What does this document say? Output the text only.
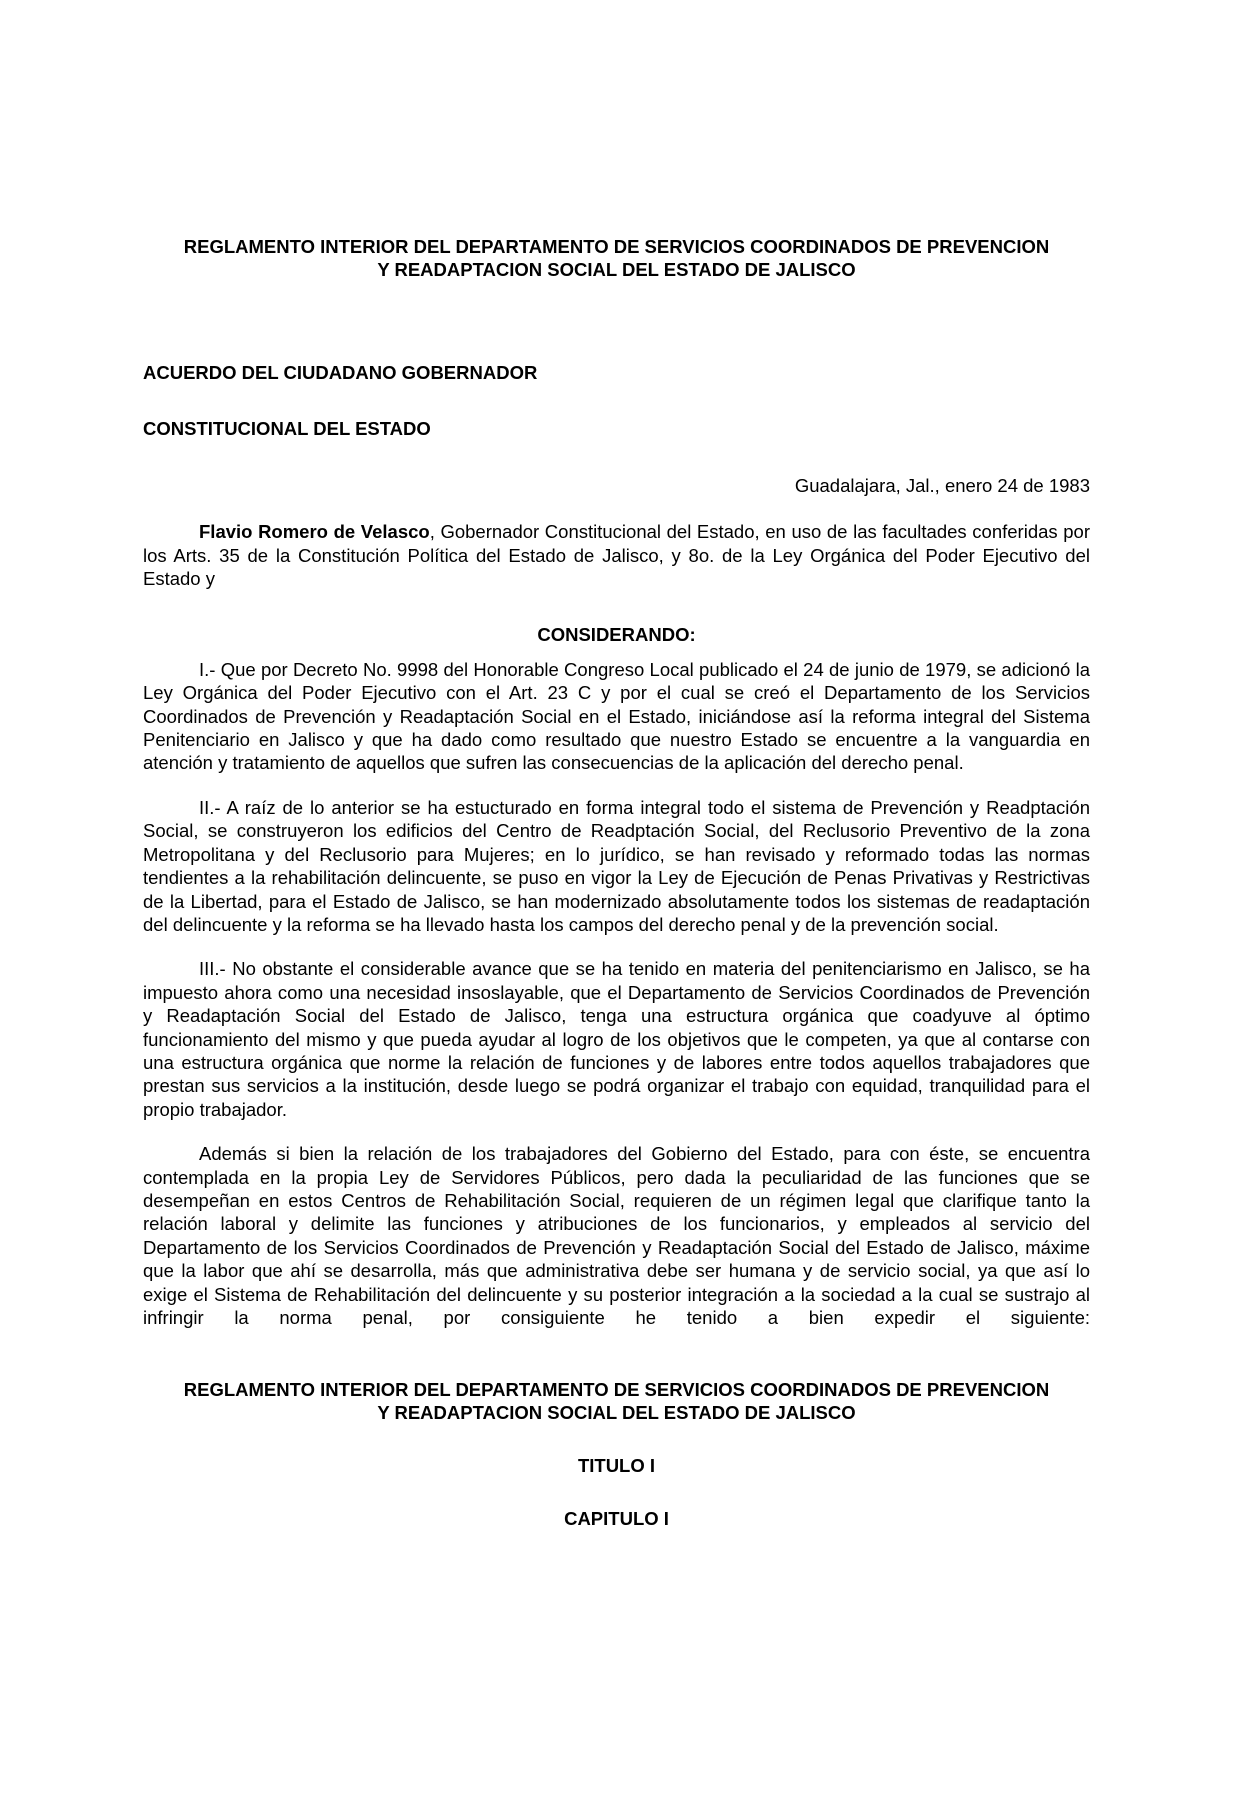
REGLAMENTO INTERIOR DEL DEPARTAMENTO DE SERVICIOS COORDINADOS DE PREVENCION
Y READAPTACION SOCIAL DEL ESTADO DE JALISCO

ACUERDO DEL CIUDADANO GOBERNADOR

CONSTITUCIONAL DEL ESTADO

Guadalajara, Jal., enero 24 de 1983

Flavio Romero de Velasco, Gobernador Constitucional del Estado, en uso de las facultades conferidas por los Arts. 35 de la Constitución Política del Estado de Jalisco, y 8o. de la Ley Orgánica del Poder Ejecutivo del Estado y

CONSIDERANDO:

I.- Que por Decreto No. 9998 del Honorable Congreso Local publicado el 24 de junio de 1979, se adicionó la Ley Orgánica del Poder Ejecutivo con el Art. 23 C y por el cual se creó el Departamento de los Servicios Coordinados de Prevención y Readaptación Social en el Estado, iniciándose así la reforma integral del Sistema Penitenciario en Jalisco y que ha dado como resultado que nuestro Estado se encuentre a la vanguardia en atención y tratamiento de aquellos que sufren las consecuencias de la aplicación del derecho penal.

II.- A raíz de lo anterior se ha estucturado en forma integral todo el sistema de Prevención y Readptación Social, se construyeron los edificios del Centro de Readptación Social, del Reclusorio Preventivo de la zona Metropolitana y del Reclusorio para Mujeres; en lo jurídico, se han revisado y reformado todas las normas tendientes a la rehabilitación delincuente, se puso en vigor la Ley de Ejecución de Penas Privativas y Restrictivas de la Libertad, para el Estado de Jalisco, se han modernizado absolutamente todos los sistemas de readaptación del delincuente y la reforma se ha llevado hasta los campos del derecho penal y de la prevención social.

III.- No obstante el considerable avance que se ha tenido en materia del penitenciarismo en Jalisco, se ha impuesto ahora como una necesidad insoslayable, que el Departamento de Servicios Coordinados de Prevención y Readaptación Social del Estado de Jalisco, tenga una estructura orgánica que coadyuve al óptimo funcionamiento del mismo y que pueda ayudar al logro de los objetivos que le competen, ya que al contarse con una estructura orgánica que norme la relación de funciones y de labores entre todos aquellos trabajadores que prestan sus servicios a la institución, desde luego se podrá organizar el trabajo con equidad, tranquilidad para el propio trabajador.

Además si bien la relación de los trabajadores del Gobierno del Estado, para con éste, se encuentra contemplada en la propia Ley de Servidores Públicos, pero dada la peculiaridad de las funciones que se desempeñan en estos Centros de Rehabilitación Social, requieren de un régimen legal que clarifique tanto la relación laboral y delimite las funciones y atribuciones de los funcionarios, y empleados al servicio del Departamento de los Servicios Coordinados de Prevención y Readaptación Social del Estado de Jalisco, máxime que la labor que ahí se desarrolla, más que administrativa debe ser humana y de servicio social, ya que así lo exige el Sistema de Rehabilitación del delincuente y su posterior integración a la sociedad a la cual se sustrajo al infringir la norma penal, por consiguiente he tenido a bien expedir el siguiente:

REGLAMENTO INTERIOR DEL DEPARTAMENTO DE SERVICIOS COORDINADOS DE PREVENCION
Y READAPTACION SOCIAL DEL ESTADO DE JALISCO

TITULO I

CAPITULO I
